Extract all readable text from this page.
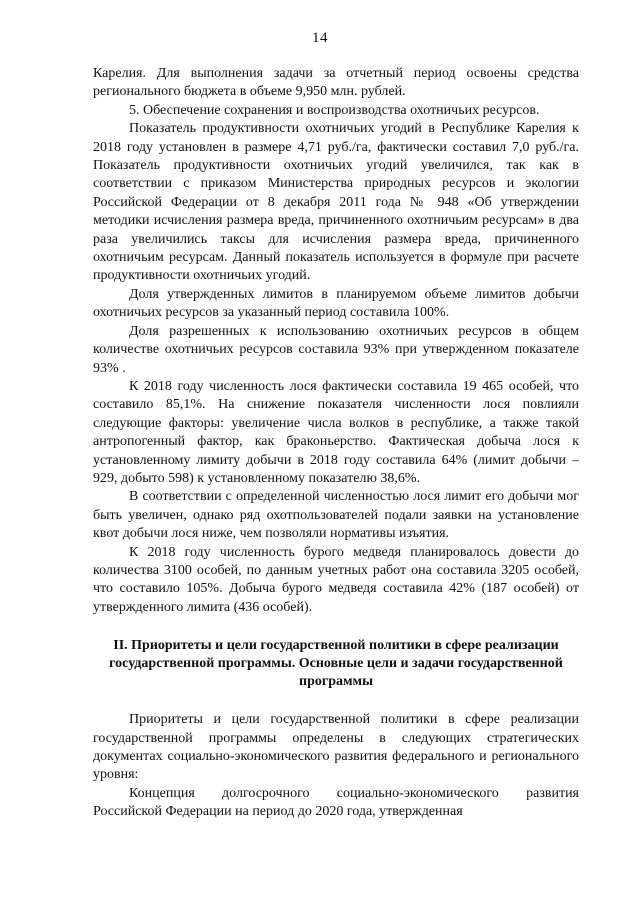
14

Карелия. Для выполнения задачи за отчетный период освоены средства регионального бюджета в объеме 9,950 млн. рублей.

5. Обеспечение сохранения и воспроизводства охотничьих ресурсов.

Показатель продуктивности охотничьих угодий в Республике Карелия к 2018 году установлен в размере 4,71 руб./га, фактически составил 7,0 руб./га. Показатель продуктивности охотничьих угодий увеличился, так как в соответствии с приказом Министерства природных ресурсов и экологии Российской Федерации от 8 декабря 2011 года № 948 «Об утверждении методики исчисления размера вреда, причиненного охотничьим ресурсам» в два раза увеличились таксы для исчисления размера вреда, причиненного охотничьим ресурсам. Данный показатель используется в формуле при расчете продуктивности охотничьих угодий.

Доля утвержденных лимитов в планируемом объеме лимитов добычи охотничьих ресурсов за указанный период составила 100%.

Доля разрешенных к использованию охотничьих ресурсов в общем количестве охотничьих ресурсов составила 93% при утвержденном показателе 93% .

К 2018 году численность лося фактически составила 19 465 особей, что составило 85,1%. На снижение показателя численности лося повлияли следующие факторы: увеличение числа волков в республике, а также такой антропогенный фактор, как браконьерство. Фактическая добыча лося к установленному лимиту добычи в 2018 году составила 64% (лимит добычи – 929, добыто 598) к установленному показателю 38,6%.

В соответствии с определенной численностью лося лимит его добычи мог быть увеличен, однако ряд охотпользователей подали заявки на установление квот добычи лося ниже, чем позволяли нормативы изъятия.

К 2018 году численность бурого медведя планировалось довести до количества 3100 особей, по данным учетных работ она составила 3205 особей, что составило 105%. Добыча бурого медведя составила 42% (187 особей) от утвержденного лимита (436 особей).

II. Приоритеты и цели государственной политики в сфере реализации государственной программы. Основные цели и задачи государственной программы

Приоритеты и цели государственной политики в сфере реализации государственной программы определены в следующих стратегических документах социально-экономического развития федерального и регионального уровня:

Концепция долгосрочного социально-экономического развития Российской Федерации на период до 2020 года, утвержденная
